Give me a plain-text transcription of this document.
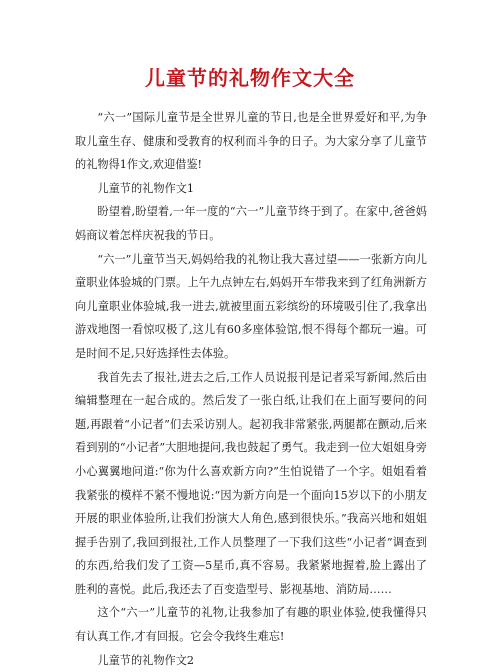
儿童节的礼物作文大全

“六一”国际儿童节是全世界儿童的节日,也是全世界爱好和平,为争取儿童生存、健康和受教育的权利而斗争的日子。为大家分享了儿童节的礼物得1作文,欢迎借鉴!

儿童节的礼物作文1

盼望着,盼望着,一年一度的“六一”儿童节终于到了。在家中,爸爸妈妈商议着怎样庆祝我的节日。

“六一”儿童节当天,妈妈给我的礼物让我大喜过望——一张新方向儿童职业体验城的门票。上午九点钟左右,妈妈开车带我来到了红角洲新方向儿童职业体验城,我一进去,就被里面五彩缤纷的环境吸引住了,我拿出游戏地图一看惊叹极了,这儿有60多座体验馆,恨不得每个都玩一遍。可是时间不足,只好选择性去体验。

我首先去了报社,进去之后,工作人员说报刊是记者采写新闻,然后由编辑整理在一起合成的。然后发了一张白纸,让我们在上面写要问的问题,再跟着“小记者”们去采访别人。起初我非常紧张,两腿都在颤动,后来看到别的“小记者”大胆地提问,我也鼓起了勇气。我走到一位大姐姐身旁小心翼翼地问道:“你为什么喜欢新方向?”生怕说错了一个字。姐姐看着我紧张的模样不紧不慢地说:“因为新方向是一个面向15岁以下的小朋友开展的职业体验所,让我们扮演大人角色,感到很快乐。”我高兴地和姐姐握手告别了,我回到报社,工作人员整理了一下我们这些“小记者”调查到的东西,给我们发了工资—5星币,真不容易。我紧紧地握着,脸上露出了胜利的喜悦。此后,我还去了百变造型号、影视基地、消防局……

这个“六一”儿童节的礼物,让我参加了有趣的职业体验,使我懂得只有认真工作,才有回报。它会令我终生难忘!

儿童节的礼物作文2
